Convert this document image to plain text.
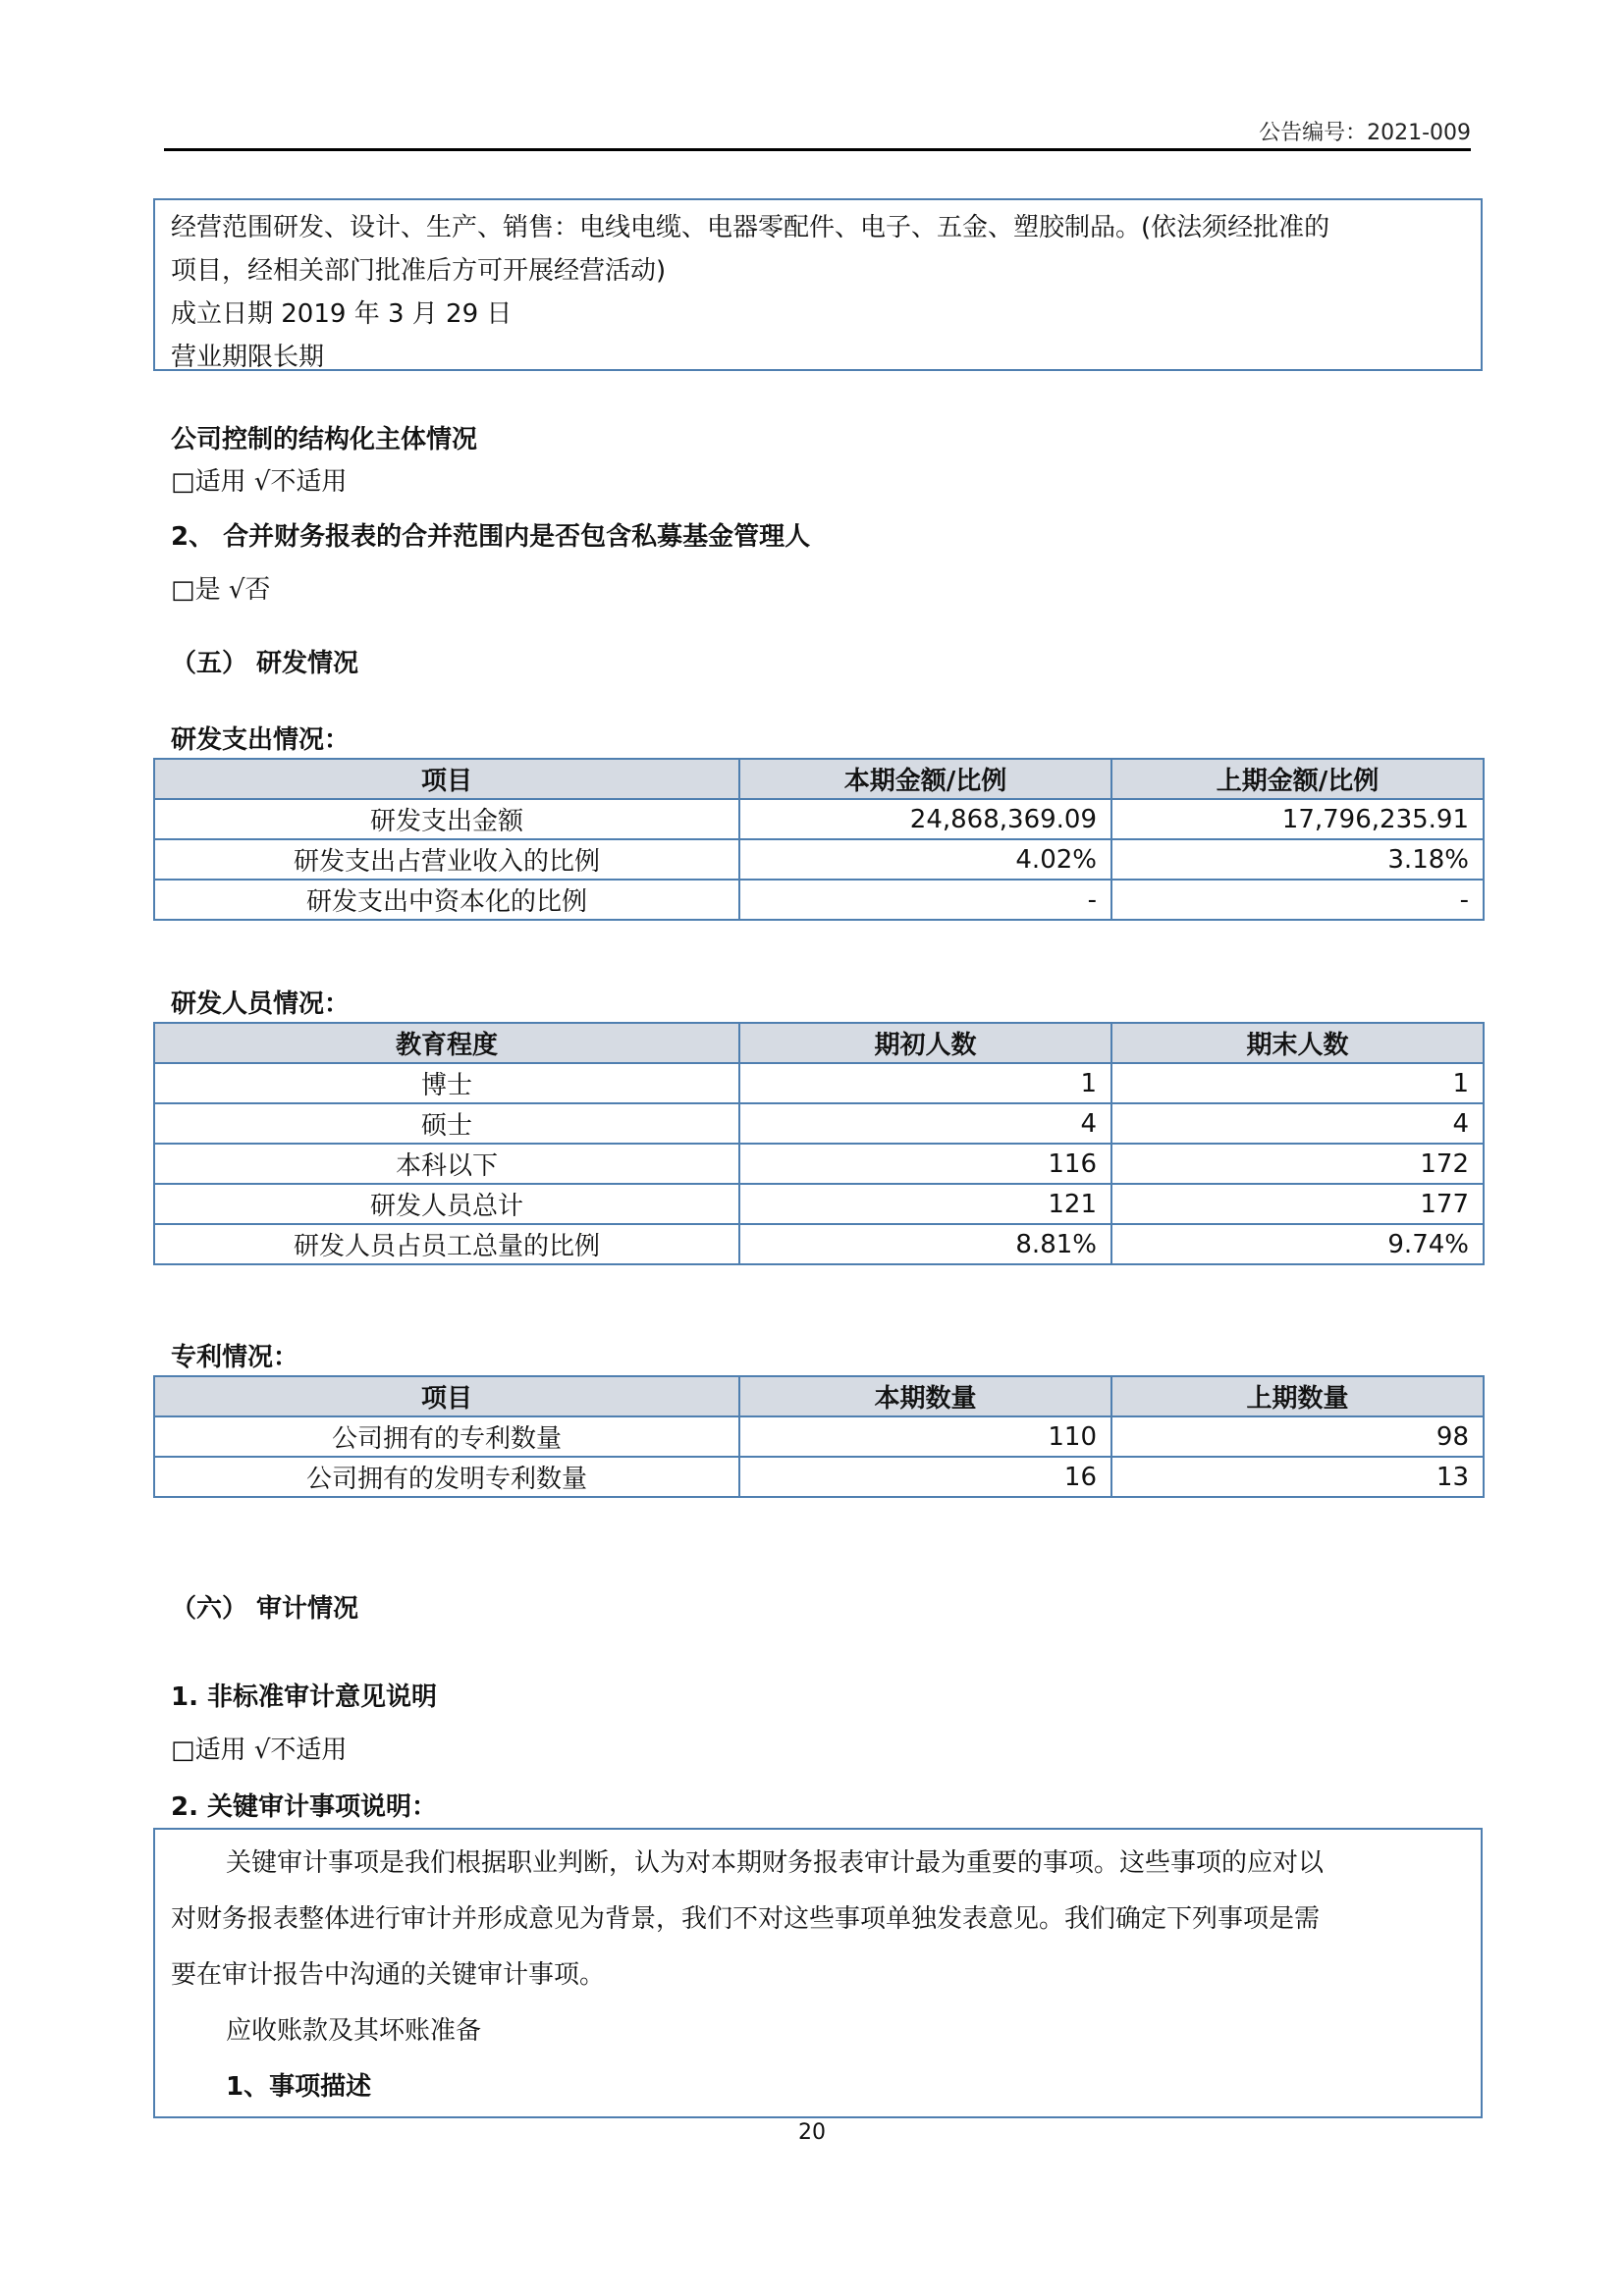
公告编号：2021-009

经营范围研发、设计、生产、销售：电线电缆、电器零配件、电子、五金、塑胶制品。(依法须经批准的

项目，经相关部门批准后方可开展经营活动)

成立日期 2019 年 3 月 29 日

营业期限长期

公司控制的结构化主体情况
□适用 √不适用
2、 合并财务报表的合并范围内是否包含私募基金管理人
□是 √否
（五） 研发情况
研发支出情况：
项目	本期金额/比例	上期金额/比例
研发支出金额	24,868,369.09	17,796,235.91
研发支出占营业收入的比例	4.02%	3.18%
研发支出中资本化的比例	-	-
研发人员情况：
教育程度	期初人数	期末人数
博士	1	1
硕士	4	4
本科以下	116	172
研发人员总计	121	177
研发人员占员工总量的比例	8.81%	9.74%
专利情况：
项目	本期数量	上期数量
公司拥有的专利数量	110	98
公司拥有的发明专利数量	16	13
（六） 审计情况
1. 非标准审计意见说明
□适用 √不适用
2. 关键审计事项说明：

关键审计事项是我们根据职业判断，认为对本期财务报表审计最为重要的事项。这些事项的应对以

对财务报表整体进行审计并形成意见为背景，我们不对这些事项单独发表意见。我们确定下列事项是需

要在审计报告中沟通的关键审计事项。

应收账款及其坏账准备

1、事项描述

20
